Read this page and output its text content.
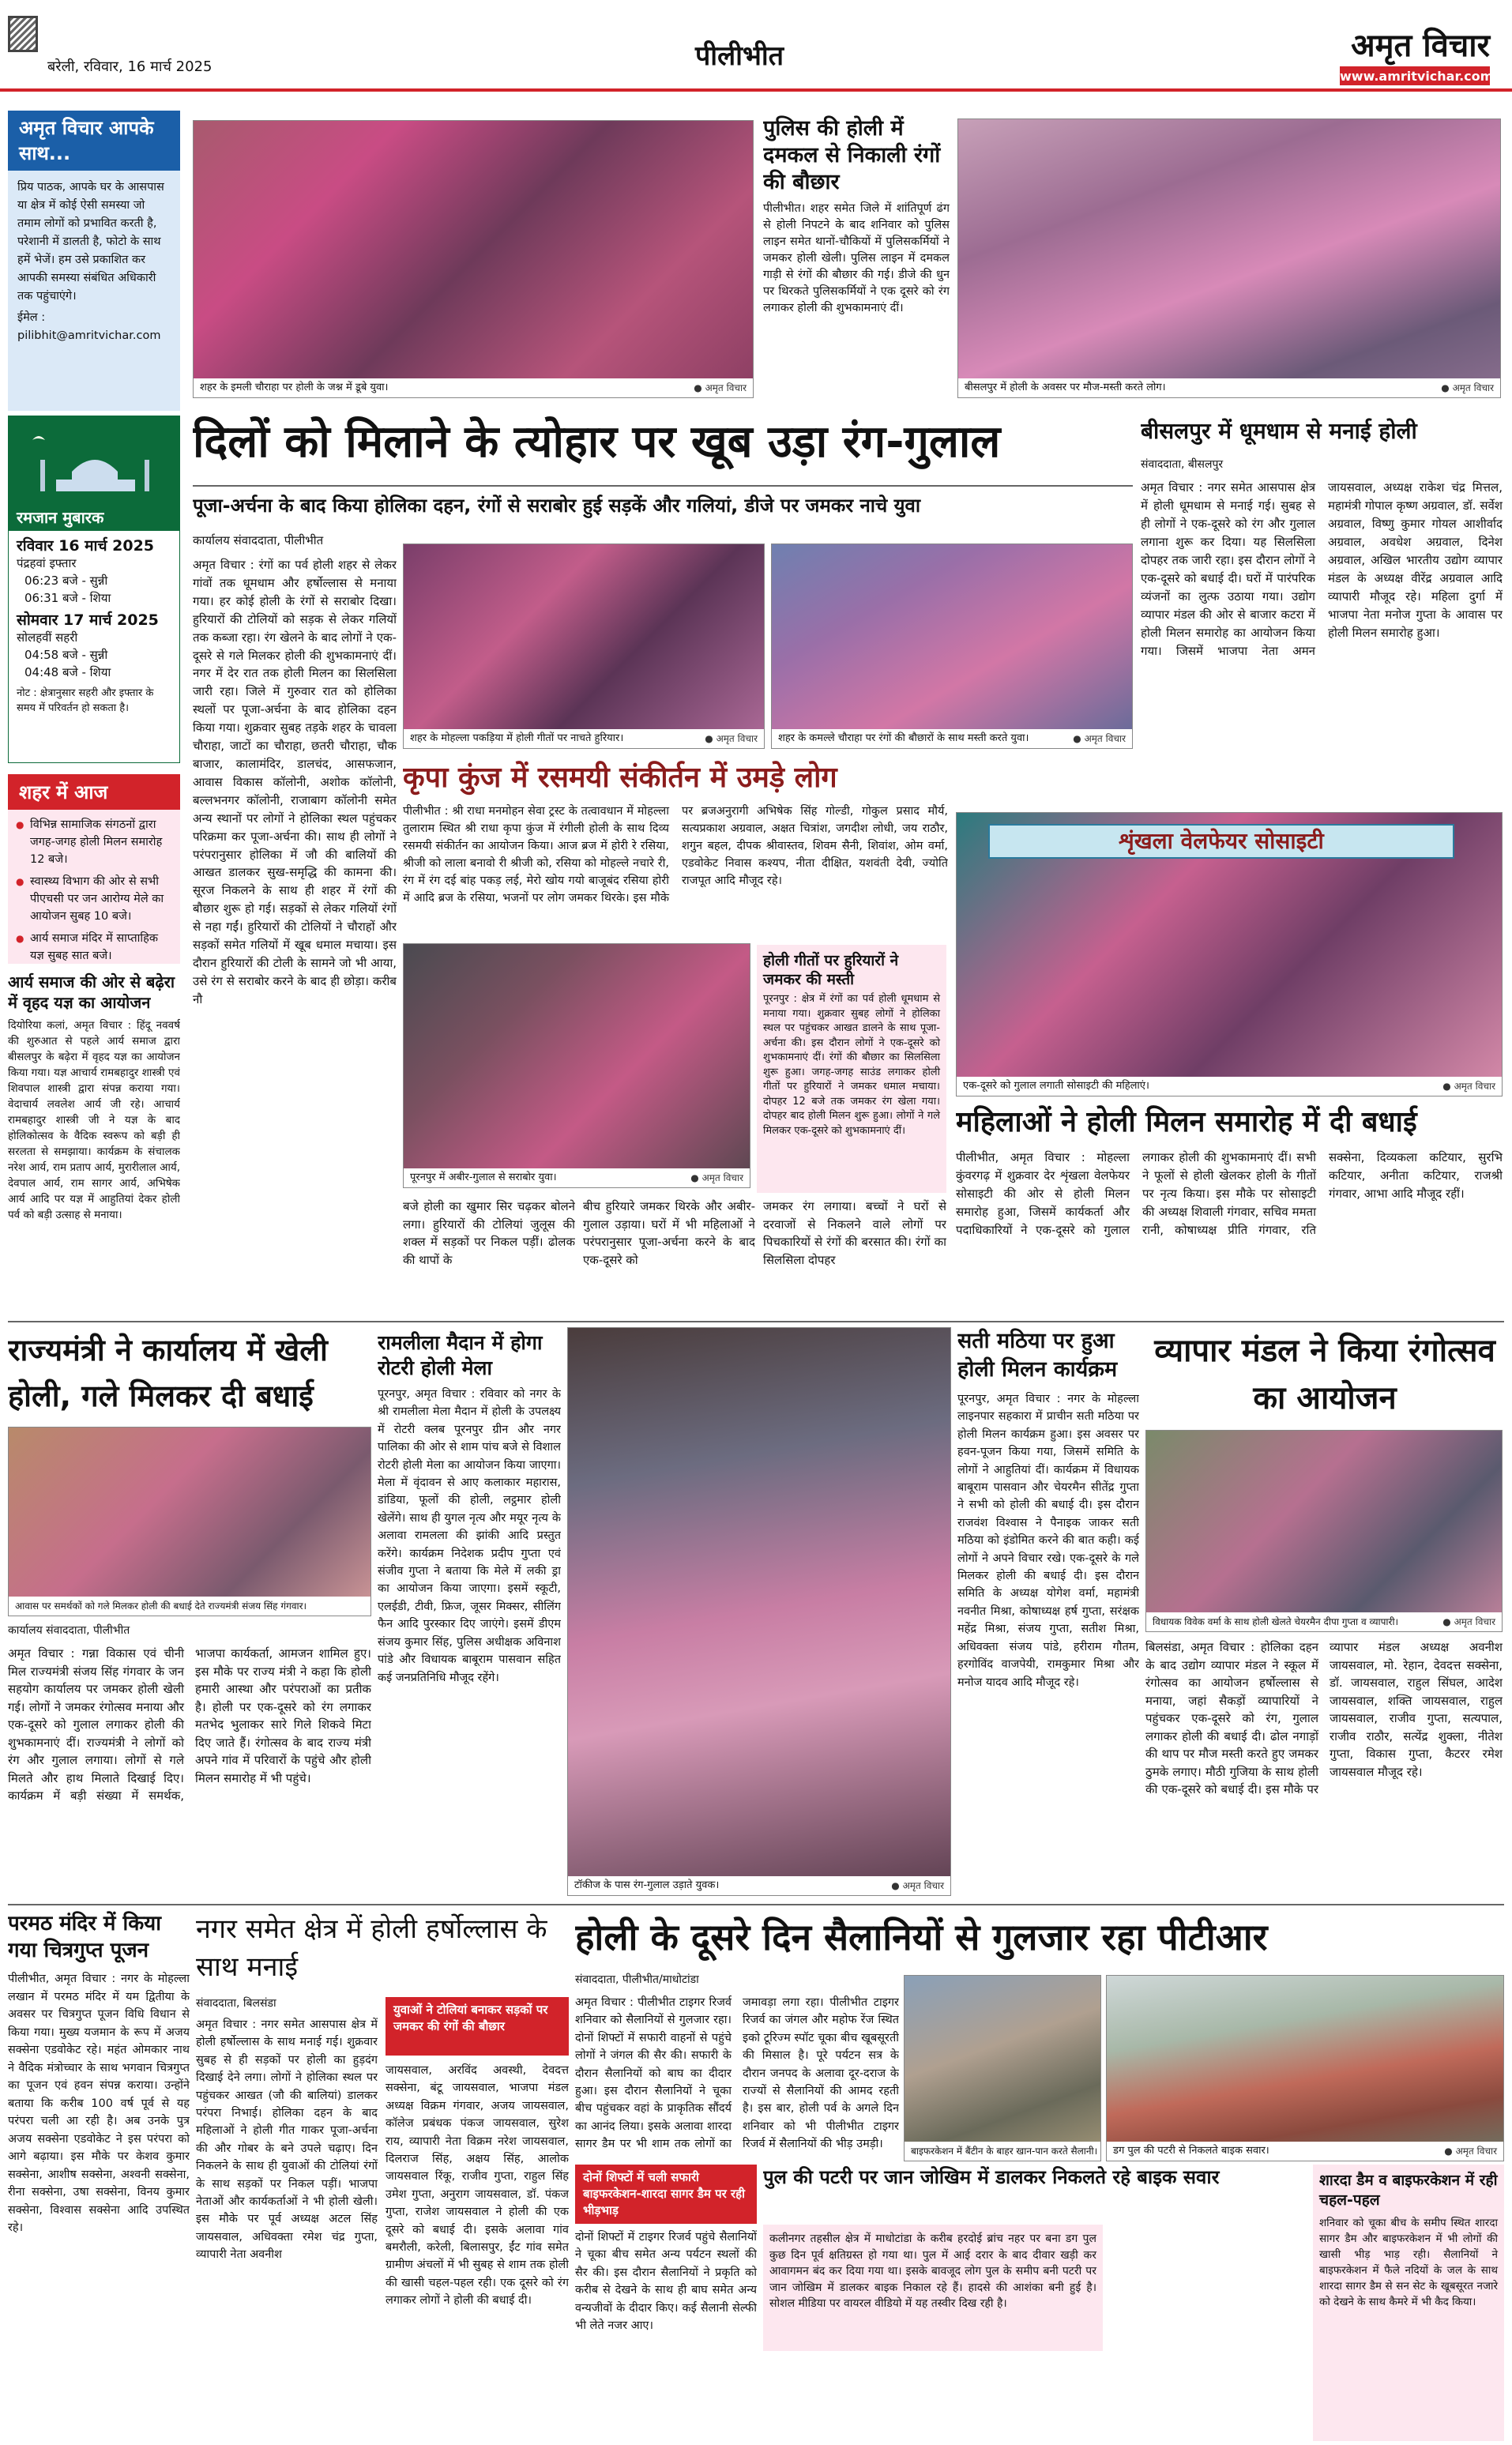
बरेली, रविवार, 16 मार्च 2025	पीलीभीत	अमृत विचार
www.amritvichar.com
अमृत विचार आपके साथ...
प्रिय पाठक, आपके घर के आसपास या क्षेत्र में कोई ऐसी समस्या जो तमाम लोगों को प्रभावित करती है, परेशानी में डालती है, फोटो के साथ हमें भेजें। हम उसे प्रकाशित कर आपकी समस्या संबंधित अधिकारी तक पहुंचाएंगे।
ईमेल : pilibhit@amritvichar.com
रमजान मुबारक
रविवार 16 मार्च 2025
पंद्रहवां इफ्तार
06:23 बजे - सुन्नी
06:31 बजे - शिया
सोमवार 17 मार्च 2025
सोलहवीं सहरी
04:58 बजे - सुन्नी
04:48 बजे - शिया
नोट : क्षेत्रानुसार सहरी और इफ्तार के समय में परिवर्तन हो सकता है।
शहर में आज
● विभिन्न सामाजिक संगठनों द्वारा जगह-जगह होली मिलन समारोह 12 बजे।
● स्वास्थ्य विभाग की ओर से सभी पीएचसी पर जन आरोग्य मेले का आयोजन सुबह 10 बजे।
● आर्य समाज मंदिर में साप्ताहिक यज्ञ सुबह सात बजे।
आर्य समाज की ओर से बढ़ेरा में वृहद यज्ञ का आयोजन
दियोरिया कलां, अमृत विचार : हिंदू नववर्ष की शुरुआत से पहले आर्य समाज द्वारा बीसलपुर के बढ़ेरा में वृहद यज्ञ का आयोजन किया गया। यज्ञ आचार्य रामबहादुर शास्त्री एवं शिवपाल शास्त्री द्वारा संपन्न कराया गया। वेदाचार्य लवलेश आर्य जी रहे। आचार्य रामबहादुर शास्त्री जी ने यज्ञ के बाद होलिकोत्सव के वैदिक स्वरूप को बड़ी ही सरलता से समझाया। कार्यक्रम के संचालक नरेश आर्य, राम प्रताप आर्य, मुरारीलाल आर्य, देवपाल आर्य, राम सागर आर्य, अभिषेक आर्य आदि पर यज्ञ में आहुतियां देकर होली पर्व को बड़ी उत्साह से मनाया।
शहर के इमली चौराहा पर होली के जश्न में डूबे युवा।	● अमृत विचार
पुलिस की होली में दमकल से निकाली रंगों की बौछार
पीलीभीत। शहर समेत जिले में शांतिपूर्ण ढंग से होली निपटने के बाद शनिवार को पुलिस लाइन समेत थानों-चौकियों में पुलिसकर्मियों ने जमकर होली खेली। पुलिस लाइन में दमकल गाड़ी से रंगों की बौछार की गई। डीजे की धुन पर थिरकते पुलिसकर्मियों ने एक दूसरे को रंग लगाकर होली की शुभकामनाएं दीं।
बीसलपुर में होली के अवसर पर मौज-मस्ती करते लोग।	● अमृत विचार
दिलों को मिलाने के त्योहार पर खूब उड़ा रंग-गुलाल
पूजा-अर्चना के बाद किया होलिका दहन, रंगों से सराबोर हुई सड़कें और गलियां, डीजे पर जमकर नाचे युवा
कार्यालय संवाददाता, पीलीभीत
अमृत विचार : रंगों का पर्व होली शहर से लेकर गांवों तक धूमधाम और हर्षोल्लास से मनाया गया। हर कोई होली के रंगों से सराबोर दिखा। हुरियारों की टोलियों को सड़क से लेकर गलियों तक कब्जा रहा। रंग खेलने के बाद लोगों ने एक-दूसरे से गले मिलकर होली की शुभकामनाएं दीं। नगर में देर रात तक होली मिलन का सिलसिला जारी रहा। जिले में गुरुवार रात को होलिका स्थलों पर पूजा-अर्चना के बाद होलिका दहन किया गया। शुक्रवार सुबह तड़के शहर के चावला चौराहा, जाटों का चौराहा, छतरी चौराहा, चौक बाजार, कालामंदिर, डालचंद, आसफजान, आवास विकास कॉलोनी, अशोक कॉलोनी, बल्लभनगर कॉलोनी, राजाबाग कॉलोनी समेत अन्य स्थानों पर लोगों ने होलिका स्थल पहुंचकर परिक्रमा कर पूजा-अर्चना की। साथ ही लोगों ने परंपरानुसार होलिका में जौ की बालियों की आखत डालकर सुख-समृद्धि की कामना की। सूरज निकलने के साथ ही शहर में रंगों की बौछार शुरू हो गई। सड़कों से लेकर गलियों रंगों से नहा गईं। हुरियारों की टोलियों ने चौराहों और सड़कों समेत गलियों में खूब धमाल मचाया। इस दौरान हुरियारों की टोली के सामने जो भी आया, उसे रंग से सराबोर करने के बाद ही छोड़ा। करीब नौ
शहर के मोहल्ला पकड़िया में होली गीतों पर नाचते हुरियार।	● अमृत विचार	शहर के कमल्ले चौराहा पर रंगों की बौछारों के साथ मस्ती करते युवा।	● अमृत विचार
कृपा कुंज में रसमयी संकीर्तन में उमड़े लोग
पीलीभीत : श्री राधा मनमोहन सेवा ट्रस्ट के तत्वावधान में मोहल्ला तुलाराम स्थित श्री राधा कृपा कुंज में रंगीली होली के साथ दिव्य रसमयी संकीर्तन का आयोजन किया। आज ब्रज में होरी रे रसिया, श्रीजी को लाला बनावो री श्रीजी को, रसिया को मोहल्ले नचारे री, रंग में रंग दई बांह पकड़ लई, मेरो खोय गयो बाजूबंद रसिया होरी में आदि ब्रज के रसिया, भजनों पर लोग जमकर थिरके। इस मौके पर ब्रजअनुरागी अभिषेक सिंह गोल्डी, गोकुल प्रसाद मौर्य, सत्यप्रकाश अग्रवाल, अक्षत चित्रांश, जगदीश लोधी, जय राठौर, शगुन बहल, दीपक श्रीवास्तव, शिवम सैनी, शिवांश, ओम वर्मा, एडवोकेट निवास कश्यप, नीता दीक्षित, यशवंती देवी, ज्योति राजपूत आदि मौजूद रहे।
पूरनपुर में अबीर-गुलाल से सराबोर युवा।	● अमृत विचार
होली गीतों पर हुरियारों ने जमकर की मस्ती
पूरनपुर : क्षेत्र में रंगों का पर्व होली धूमधाम से मनाया गया। शुक्रवार सुबह लोगों ने होलिका स्थल पर पहुंचकर आखत डालने के साथ पूजा-अर्चना की। इस दौरान लोगों ने एक-दूसरे को शुभकामनाएं दीं। रंगों की बौछार का सिलसिला शुरू हुआ। जगह-जगह साउंड लगाकर होली गीतों पर हुरियारों ने जमकर धमाल मचाया। दोपहर 12 बजे तक जमकर रंग खेला गया। दोपहर बाद होली मिलन शुरू हुआ। लोगों ने गले मिलकर एक-दूसरे को शुभकामनाएं दीं।
बजे होली का खुमार सिर चढ़कर बोलने लगा। हुरियारों की टोलियां जुलूस की शक्ल में सड़कों पर निकल पड़ीं। ढोलक की थापों के
बीच हुरियारे जमकर थिरके और अबीर-गुलाल उड़ाया। घरों में भी महिलाओं ने परंपरानुसार पूजा-अर्चना करने के बाद एक-दूसरे को
जमकर रंग लगाया। बच्चों ने घरों से दरवाजों से निकलने वाले लोगों पर पिचकारियों से रंगों की बरसात की। रंगों का सिलसिला दोपहर
बीसलपुर में धूमधाम से मनाई होली
संवाददाता, बीसलपुर
अमृत विचार : नगर समेत आसपास क्षेत्र में होली धूमधाम से मनाई गई। सुबह से ही लोगों ने एक-दूसरे को रंग और गुलाल लगाना शुरू कर दिया। यह सिलसिला दोपहर तक जारी रहा। इस दौरान लोगों ने एक-दूसरे को बधाई दी। घरों में पारंपरिक व्यंजनों का लुत्फ उठाया गया। उद्योग व्यापार मंडल की ओर से बाजार कटरा में होली मिलन समारोह का आयोजन किया गया। जिसमें भाजपा नेता अमन जायसवाल, अध्यक्ष राकेश चंद्र मित्तल, महामंत्री गोपाल कृष्ण अग्रवाल, डॉ. सर्वेश अग्रवाल, विष्णु कुमार गोयल आशीर्वाद अग्रवाल, अवधेश अग्रवाल, दिनेश अग्रवाल, अखिल भारतीय उद्योग व्यापार मंडल के अध्यक्ष वीरेंद्र अग्रवाल आदि व्यापारी मौजूद रहे। महिला दुर्गा में भाजपा नेता मनोज गुप्ता के आवास पर होली मिलन समारोह हुआ।
शृंखला वेलफेयर सोसाइटी
एक-दूसरे को गुलाल लगाती सोसाइटी की महिलाएं।	● अमृत विचार
महिलाओं ने होली मिलन समारोह में दी बधाई
पीलीभीत, अमृत विचार : मोहल्ला कुंवरगढ़ में शुक्रवार देर शृंखला वेलफेयर सोसाइटी की ओर से होली मिलन समारोह हुआ, जिसमें कार्यकर्ता और पदाधिकारियों ने एक-दूसरे को गुलाल लगाकर होली की शुभकामनाएं दीं। सभी ने फूलों से होली खेलकर होली के गीतों पर नृत्य किया। इस मौके पर सोसाइटी की अध्यक्ष शिवाली गंगवार, सचिव ममता रानी, कोषाध्यक्ष प्रीति गंगवार, रति सक्सेना, दिव्यकला कटियार, सुरभि कटियार, अनीता कटियार, राजश्री गंगवार, आभा आदि मौजूद रहीं।
राज्यमंत्री ने कार्यालय में खेली होली, गले मिलकर दी बधाई
आवास पर समर्थकों को गले मिलकर होली की बधाई देते राज्यमंत्री संजय सिंह गंगवार।
कार्यालय संवाददाता, पीलीभीत
अमृत विचार : गन्ना विकास एवं चीनी मिल राज्यमंत्री संजय सिंह गंगवार के जन सहयोग कार्यालय पर जमकर होली खेली गई। लोगों ने जमकर रंगोत्सव मनाया और एक-दूसरे को गुलाल लगाकर होली की शुभकामनाएं दीं। राज्यमंत्री ने लोगों को रंग और गुलाल लगाया। लोगों से गले मिलते और हाथ मिलाते दिखाई दिए। कार्यक्रम में बड़ी संख्या में समर्थक, भाजपा कार्यकर्ता, आमजन शामिल हुए। इस मौके पर राज्य मंत्री ने कहा कि होली हमारी आस्था और परंपराओं का प्रतीक है। होली पर एक-दूसरे को रंग लगाकर मतभेद भुलाकर सारे गिले शिकवे मिटा दिए जाते हैं। रंगोत्सव के बाद राज्य मंत्री अपने गांव में परिवारों के पहुंचे और होली मिलन समारोह में भी पहुंचे।
रामलीला मैदान में होगा रोटरी होली मेला
पूरनपुर, अमृत विचार : रविवार को नगर के श्री रामलीला मेला मैदान में होली के उपलक्ष्य में रोटरी क्लब पूरनपुर ग्रीन और नगर पालिका की ओर से शाम पांच बजे से विशाल रोटरी होली मेला का आयोजन किया जाएगा। मेला में वृंदावन से आए कलाकार महारास, डांडिया, फूलों की होली, लट्ठमार होली खेलेंगे। साथ ही युगल नृत्य और मयूर नृत्य के अलावा रामलला की झांकी आदि प्रस्तुत करेंगे। कार्यक्रम निदेशक प्रदीप गुप्ता एवं संजीव गुप्ता ने बताया कि मेले में लकी ड्रा का आयोजन किया जाएगा। इसमें स्कूटी, एलईडी, टीवी, फ्रिज, जूसर मिक्सर, सीलिंग फैन आदि पुरस्कार दिए जाएंगे। इसमें डीएम संजय कुमार सिंह, पुलिस अधीक्षक अविनाश पांडे और विधायक बाबूराम पासवान सहित कई जनप्रतिनिधि मौजूद रहेंगे।
टॉकीज के पास रंग-गुलाल उड़ाते युवक।	● अमृत विचार
सती मठिया पर हुआ होली मिलन कार्यक्रम
पूरनपुर, अमृत विचार : नगर के मोहल्ला लाइनपार सहकारा में प्राचीन सती मठिया पर होली मिलन कार्यक्रम हुआ। इस अवसर पर हवन-पूजन किया गया, जिसमें समिति के लोगों ने आहुतियां दीं। कार्यक्रम में विधायक बाबूराम पासवान और चेयरमैन सीतेंद्र गुप्ता ने सभी को होली की बधाई दी। इस दौरान राजवंश विश्वास ने पैनाइक जाकर सती मठिया को इंडोमित करने की बात कही। कई लोगों ने अपने विचार रखे। एक-दूसरे के गले मिलकर होली की बधाई दी। इस दौरान समिति के अध्यक्ष योगेश वर्मा, महामंत्री नवनीत मिश्रा, कोषाध्यक्ष हर्ष गुप्ता, सरंक्षक महेंद्र मिश्रा, संजय गुप्ता, सतीश मिश्रा, अधिवक्ता संजय पांडे, हरीराम गौतम, हरगोविंद वाजपेयी, रामकुमार मिश्रा और मनोज यादव आदि मौजूद रहे।
व्यापार मंडल ने किया रंगोत्सव का आयोजन
विधायक विवेक वर्मा के साथ होली खेलते चेयरमैन दीपा गुप्ता व व्यापारी।	● अमृत विचार
बिलसंडा, अमृत विचार : होलिका दहन के बाद उद्योग व्यापार मंडल ने स्कूल में रंगोत्सव का आयोजन हर्षोल्लास से मनाया, जहां सैकड़ों व्यापारियों ने पहुंचकर एक-दूसरे को रंग, गुलाल लगाकर होली की बधाई दी। ढोल नगाड़ों की थाप पर मौज मस्ती करते हुए जमकर ठुमके लगाए। मौठी गुजिया के साथ होली की एक-दूसरे को बधाई दी। इस मौके पर व्यापार मंडल अध्यक्ष अवनीश जायसवाल, मो. रेहान, देवदत्त सक्सेना, डॉ. जायसवाल, राहुल सिंघल, आदेश जायसवाल, शक्ति जायसवाल, राहुल जायसवाल, राजीव गुप्ता, सत्यपाल, राजीव राठौर, सत्येंद्र शुक्ला, नीतेश गुप्ता, विकास गुप्ता, कैटरर रमेश जायसवाल मौजूद रहे।
परमठ मंदिर में किया गया चित्रगुप्त पूजन
पीलीभीत, अमृत विचार : नगर के मोहल्ला लखान में परमठ मंदिर में यम द्वितीया के अवसर पर चित्रगुप्त पूजन विधि विधान से किया गया। मुख्य यजमान के रूप में अजय सक्सेना एडवोकेट रहे। महंत ओमकार नाथ ने वैदिक मंत्रोच्चार के साथ भगवान चित्रगुप्त का पूजन एवं हवन संपन्न कराया। उन्होंने बताया कि करीब 100 वर्ष पूर्व से यह परंपरा चली आ रही है। अब उनके पुत्र अजय सक्सेना एडवोकेट ने इस परंपरा को आगे बढ़ाया। इस मौके पर केशव कुमार सक्सेना, आशीष सक्सेना, अश्वनी सक्सेना, रीना सक्सेना, उषा सक्सेना, विनय कुमार सक्सेना, विश्वास सक्सेना आदि उपस्थित रहे।
नगर समेत क्षेत्र में होली हर्षोल्लास के साथ मनाई
संवाददाता, बिलसंडा
अमृत विचार : नगर समेत आसपास क्षेत्र में होली हर्षोल्लास के साथ मनाई गई। शुक्रवार सुबह से ही सड़कों पर होली का हुड़दंग दिखाई देने लगा। लोगों ने होलिका स्थल पर पहुंचकर आखत (जौ की बालियां) डालकर परंपरा निभाई। होलिका दहन के बाद महिलाओं ने होली गीत गाकर पूजा-अर्चना की और गोबर के बने उपले चढ़ाए। दिन निकलने के साथ ही युवाओं की टोलियां रंगों के साथ सड़कों पर निकल पड़ीं। भाजपा नेताओं और कार्यकर्ताओं ने भी होली खेली। इस मौके पर पूर्व अध्यक्ष अटल सिंह जायसवाल, अधिवक्ता रमेश चंद्र गुप्ता, व्यापारी नेता अवनीश
युवाओं ने टोलियां बनाकर सड़कों पर जमकर की रंगों की बौछार
जायसवाल, अरविंद अवस्थी, देवदत्त सक्सेना, बंटू जायसवाल, भाजपा मंडल अध्यक्ष विक्रम गंगवार, अजय जायसवाल, कॉलेज प्रबंधक पंकज जायसवाल, सुरेश राय, व्यापारी नेता विक्रम नरेश जायसवाल, दिलराज सिंह, अक्षय सिंह, आलोक जायसवाल रिंकू, राजीव गुप्ता, राहुल सिंह उमेश गुप्ता, अनुराग जायसवाल, डॉ. पंकज गुप्ता, राजेश जायसवाल ने होली की एक दूसरे को बधाई दी। इसके अलावा गांव बमरौली, करेली, बिलासपुर, ईंट गांव समेत ग्रामीण अंचलों में भी सुबह से शाम तक होली की खासी चहल-पहल रही। एक दूसरे को रंग लगाकर लोगों ने होली की बधाई दी।
होली के दूसरे दिन सैलानियों से गुलजार रहा पीटीआर
संवाददाता, पीलीभीत/माधोटांडा
अमृत विचार : पीलीभीत टाइगर रिजर्व शनिवार को सैलानियों से गुलजार रहा। दोनों शिफ्टों में सफारी वाहनों से पहुंचे लोगों ने जंगल की सैर की। सफारी के दौरान सैलानियों को बाघ का दीदार हुआ। इस दौरान सैलानियों ने चूका बीच पहुंचकर वहां के प्राकृतिक सौंदर्य का आनंद लिया। इसके अलावा शारदा सागर डैम पर भी शाम तक लोगों का जमावड़ा लगा रहा। पीलीभीत टाइगर रिजर्व का जंगल और महोफ रेंज स्थित इको टूरिज्म स्पॉट चूका बीच खूबसूरती की मिसाल है। पूरे पर्यटन सत्र के दौरान जनपद के अलावा दूर-दराज के राज्यों से सैलानियों की आमद रहती है। इस बार, होली पर्व के अगले दिन शनिवार को भी पीलीभीत टाइगर रिजर्व में सैलानियों की भीड़ उमड़ी।
बाइफरकेशन में बैंटीन के बाहर खान-पान करते सैलानी।	डग पुल की पटरी से निकलते बाइक सवार।	● अमृत विचार
दोनों शिफ्टों में चली सफारी बाइफरकेशन-शारदा सागर डैम पर रही भीड़भाड़
दोनों शिफ्टों में टाइगर रिजर्व पहुंचे सैलानियों ने चूका बीच समेत अन्य पर्यटन स्थलों की सैर की। इस दौरान सैलानियों ने प्रकृति को करीब से देखने के साथ ही बाघ समेत अन्य वन्यजीवों के दीदार किए। कई सैलानी सेल्फी भी लेते नजर आए।
पुल की पटरी पर जान जोखिम में डालकर निकलते रहे बाइक सवार
कलीनगर तहसील क्षेत्र में माधोटांडा के करीब हरदोई ब्रांच नहर पर बना डग पुल कुछ दिन पूर्व क्षतिग्रस्त हो गया था। पुल में आई दरार के बाद दीवार खड़ी कर आवागमन बंद कर दिया गया था। इसके बावजूद लोग पुल के समीप बनी पटरी पर जान जोखिम में डालकर बाइक निकाल रहे हैं। हादसे की आशंका बनी हुई है। सोशल मीडिया पर वायरल वीडियो में यह तस्वीर दिख रही है।
शारदा डैम व बाइफरकेशन में रही चहल-पहल
शनिवार को चूका बीच के समीप स्थित शारदा सागर डैम और बाइफरकेशन में भी लोगों की खासी भीड़ भाड़ रही। सैलानियों ने बाइफरकेशन में फैले नदियों के जल के साथ शारदा सागर डैम से सन सेट के खूबसूरत नजारे को देखने के साथ कैमरे में भी कैद किया।
